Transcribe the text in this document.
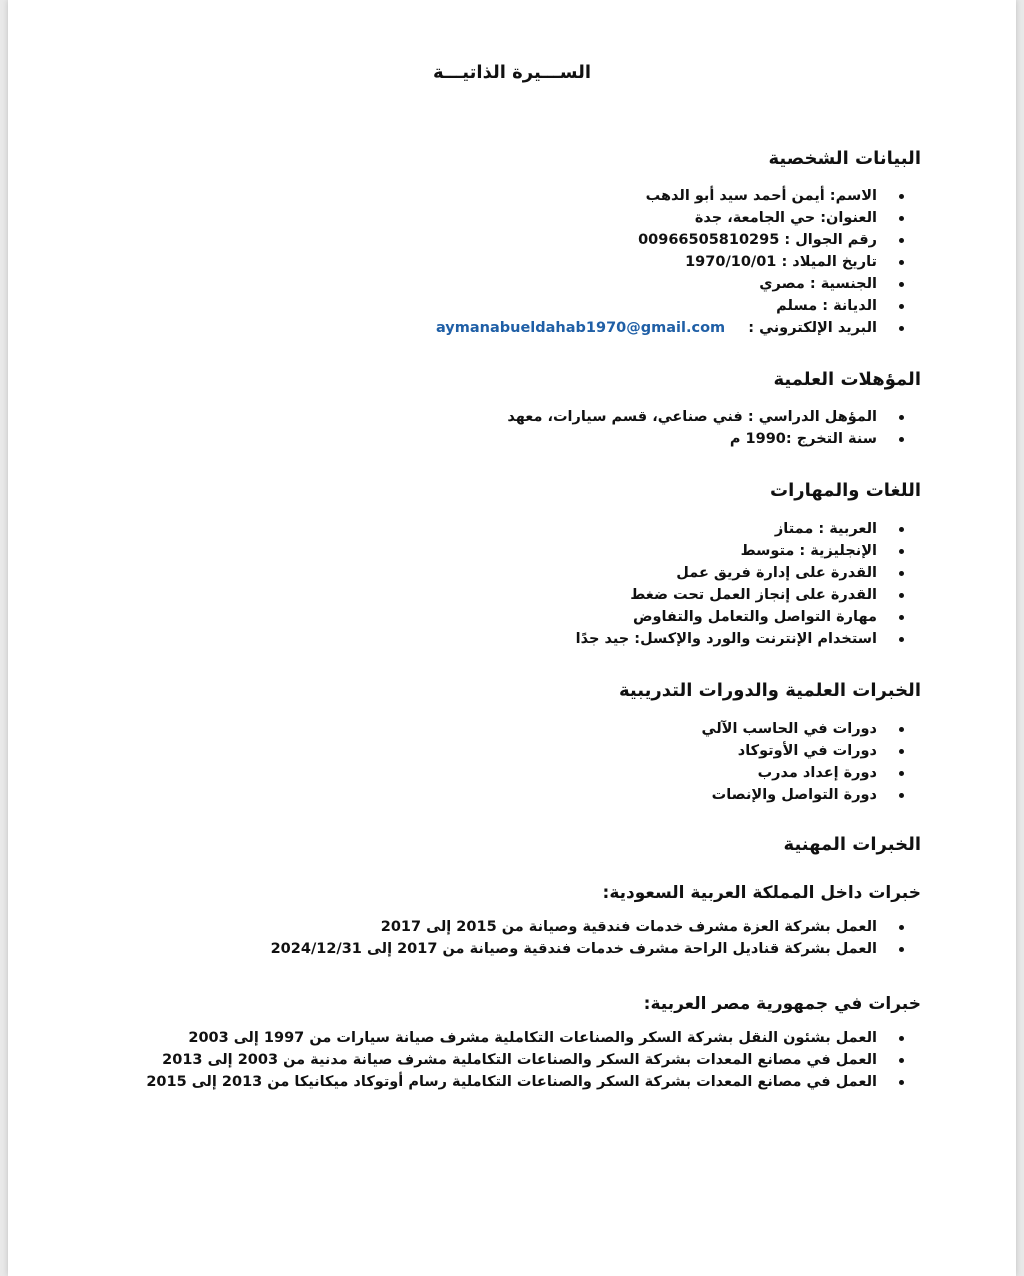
الســـيرة الذاتيـــة
البيانات الشخصية
الاسم: أيمن أحمد سيد أبو الدهب
العنوان: حي الجامعة، جدة
رقم الجوال : 00966505810295
تاريخ الميلاد : 1970/10/01
الجنسية : مصري
الديانة : مسلم
البريد الإلكتروني : aymanabueldahab1970@gmail.com
المؤهلات العلمية
المؤهل الدراسي : فني صناعي، قسم سيارات، معهد
سنة التخرج :1990 م
اللغات والمهارات
العربية : ممتاز
الإنجليزية : متوسط
القدرة على إدارة فريق عمل
القدرة على إنجاز العمل تحت ضغط
مهارة التواصل والتعامل والتفاوض
استخدام الإنترنت والورد والإكسل: جيد جدًا
الخبرات العلمية والدورات التدريبية
دورات في الحاسب الآلي
دورات في الأوتوكاد
دورة إعداد مدرب
دورة التواصل والإنصات
الخبرات المهنية
خبرات داخل المملكة العربية السعودية:
العمل بشركة العزة مشرف خدمات فندقية وصيانة من 2015 إلى 2017
العمل بشركة قناديل الراحة مشرف خدمات فندقية وصيانة من 2017 إلى 2024/12/31
خبرات في جمهورية مصر العربية:
العمل بشئون النقل بشركة السكر والصناعات التكاملية مشرف صيانة سيارات من 1997 إلى 2003
العمل في مصانع المعدات بشركة السكر والصناعات التكاملية مشرف صيانة مدنية من 2003 إلى 2013
العمل في مصانع المعدات بشركة السكر والصناعات التكاملية رسام أوتوكاد ميكانيكا من 2013 إلى 2015
